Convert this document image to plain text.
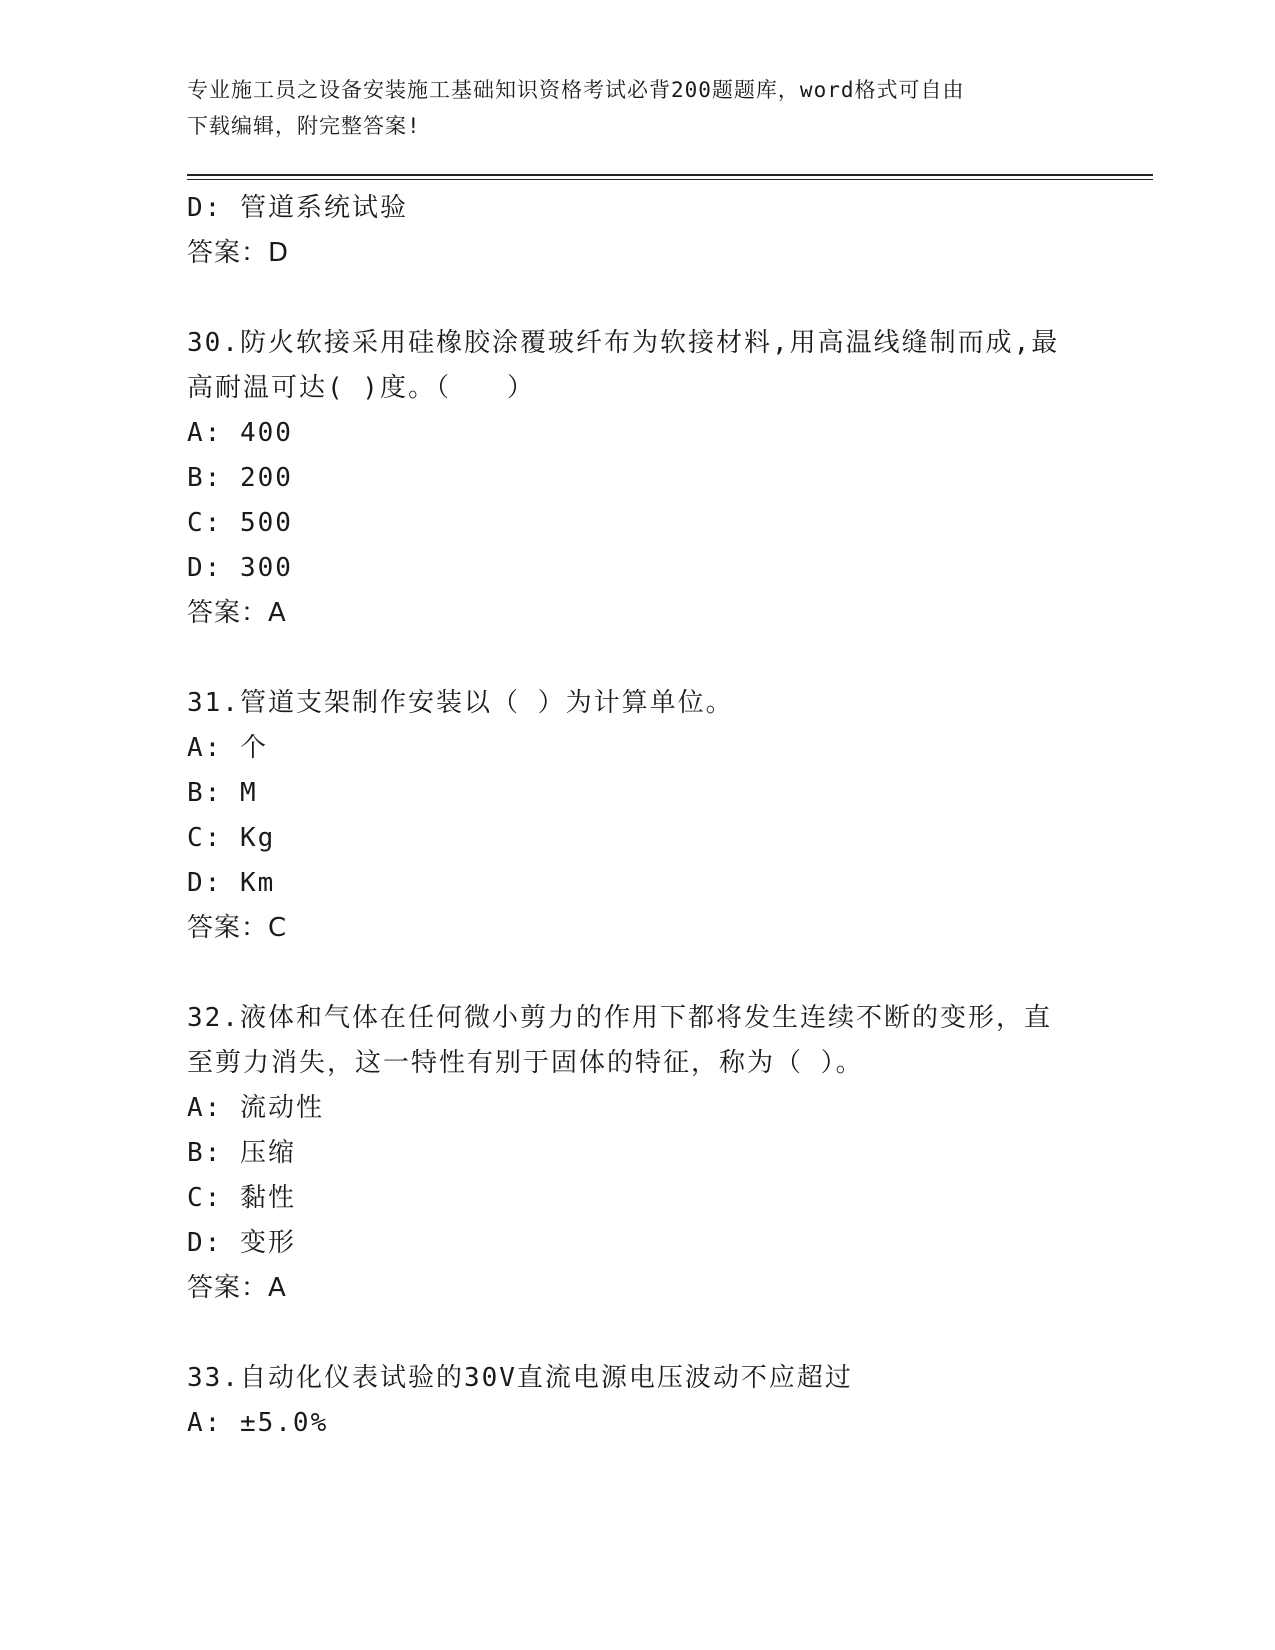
专业施工员之设备安装施工基础知识资格考试必背200题题库，word格式可自由
下载编辑，附完整答案!
D: 管道系统试验
答案：D
30.防火软接采用硅橡胶涂覆玻纤布为软接材料,用高温线缝制而成,最
高耐温可达( )度。（　　）
A: 400
B: 200
C: 500
D: 300
答案：A
31.管道支架制作安装以（ ）为计算单位。
A: 个
B: M
C: Kg
D: Km
答案：C
32.液体和气体在任何微小剪力的作用下都将发生连续不断的变形，直
至剪力消失，这一特性有别于固体的特征，称为（ ）。
A: 流动性
B: 压缩
C: 黏性
D: 变形
答案：A
33.自动化仪表试验的30V直流电源电压波动不应超过
A: ±5.0%
